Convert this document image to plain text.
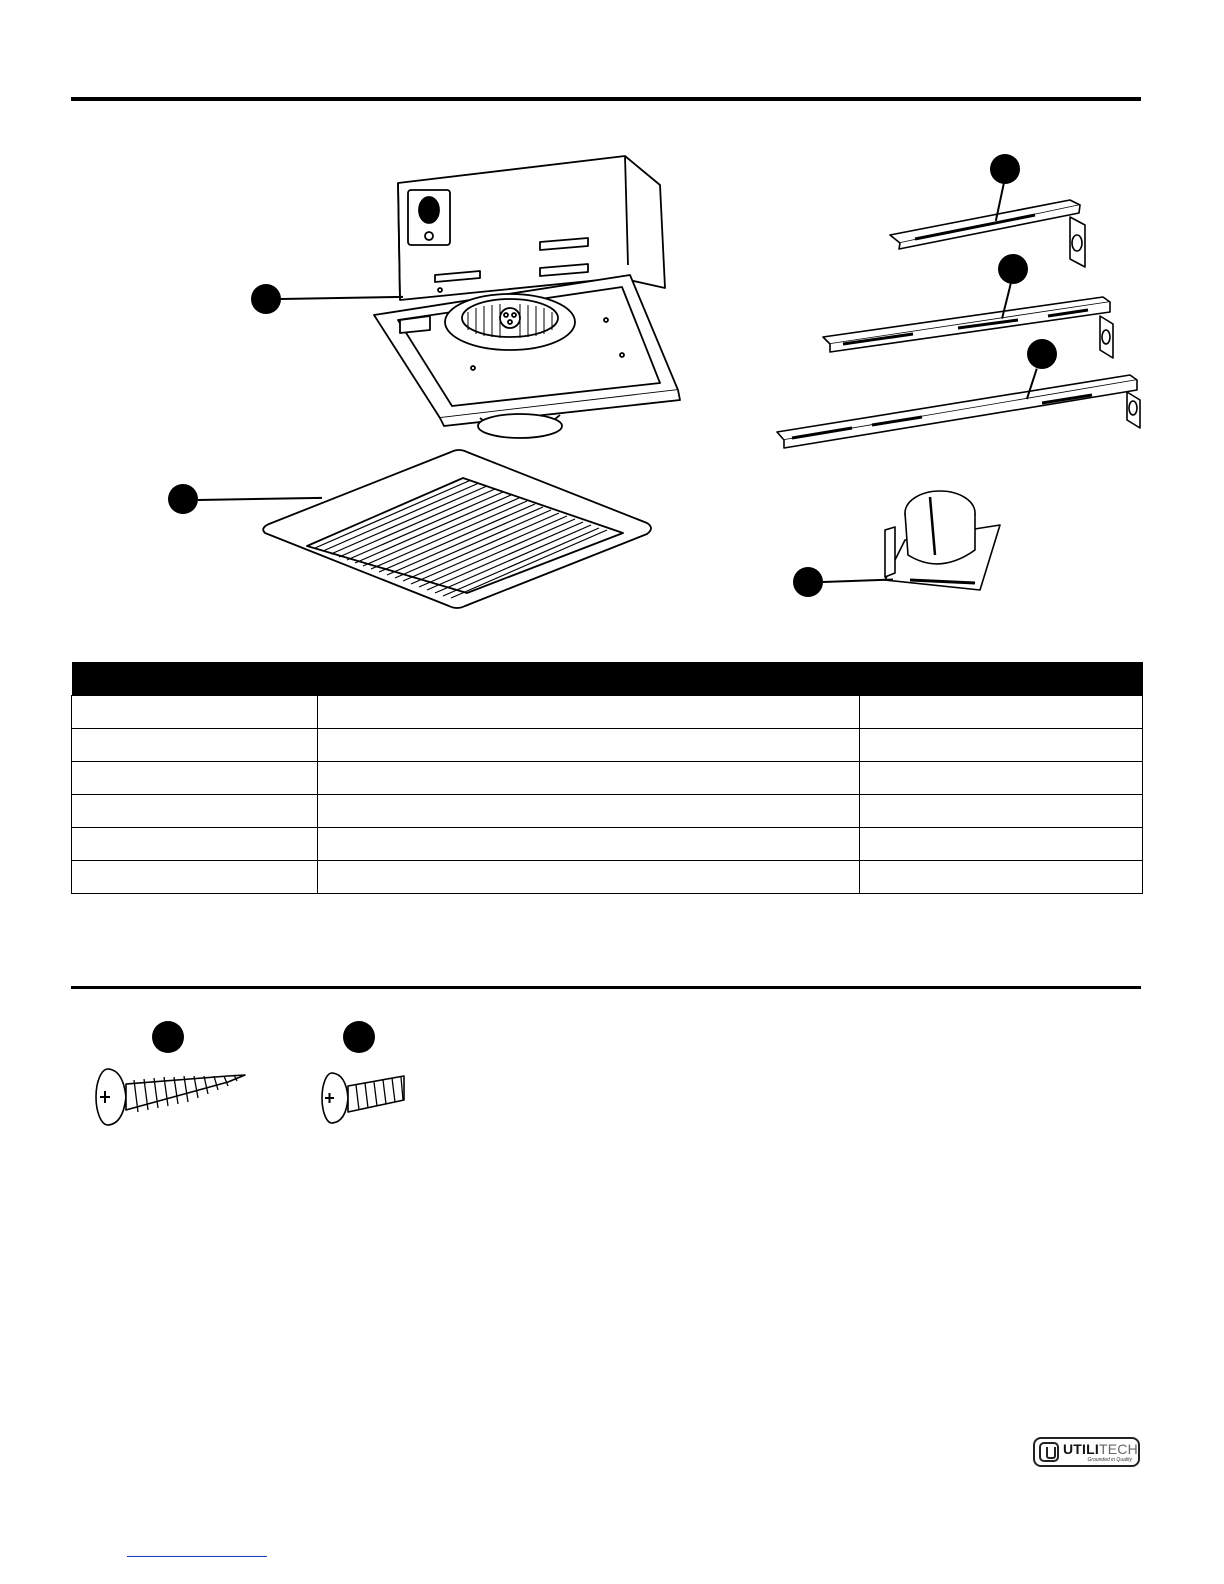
UTILITECH
Grounded in Quality
